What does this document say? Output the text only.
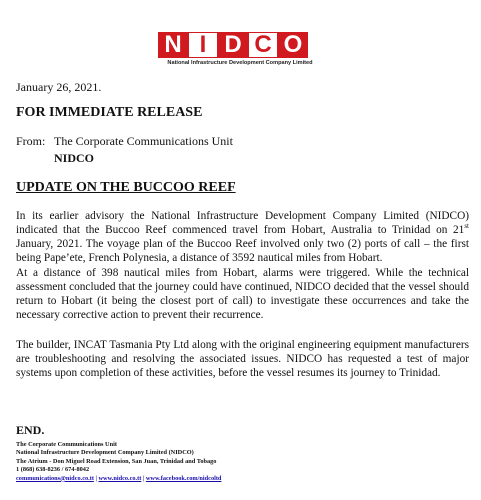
N I D C O
National Infrastructure Development Company Limited
January 26, 2021.
FOR IMMEDIATE RELEASE
From: The Corporate Communications Unit
NIDCO
UPDATE ON THE BUCCOO REEF

In its earlier advisory the National Infrastructure Development Company Limited (NIDCO) indicated that the Buccoo Reef commenced travel from Hobart, Australia to Trinidad on 21st January, 2021. The voyage plan of the Buccoo Reef involved only two (2) ports of call – the first being Pape’ete, French Polynesia, a distance of 3592 nautical miles from Hobart.

At a distance of 398 nautical miles from Hobart, alarms were triggered. While the technical assessment concluded that the journey could have continued, NIDCO decided that the vessel should return to Hobart (it being the closest port of call) to investigate these occurrences and take the necessary corrective action to prevent their recurrence.

The builder, INCAT Tasmania Pty Ltd along with the original engineering equipment manufacturers are troubleshooting and resolving the associated issues. NIDCO has requested a test of major systems upon completion of these activities, before the vessel resumes its journey to Trinidad.

END.
The Corporate Communications Unit
National Infrastructure Development Company Limited (NIDCO)
The Atrium - Don Miguel Road Extension, San Juan, Trinidad and Tobago
1 (868) 638-8236 / 674-8042
communications@nidco.co.tt | www.nidco.co.tt | www.facebook.com/nidcoltd
